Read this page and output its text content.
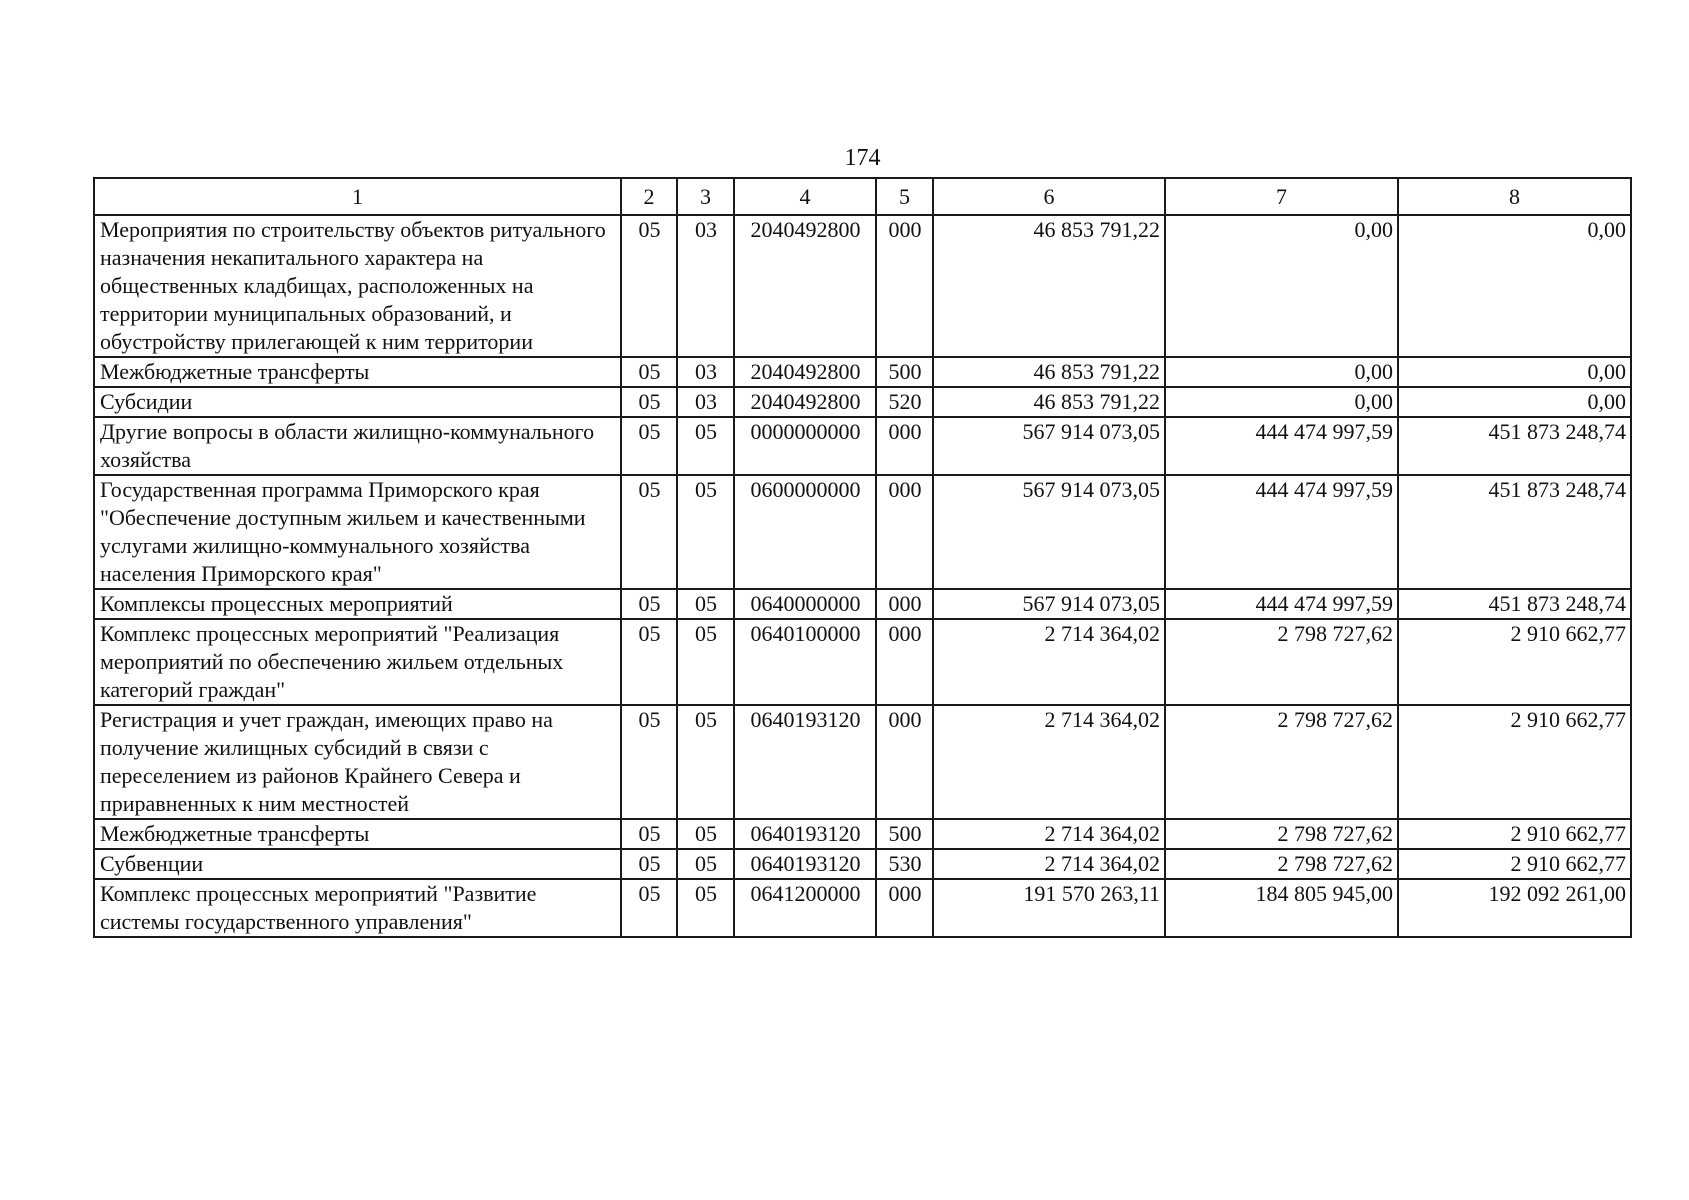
174
1	2	3	4	5	6	7	8
Мероприятия по строительству объектов ритуального назначения некапитального характера на общественных кладбищах, расположенных на территории муниципальных образований, и обустройству прилегающей к ним территории	05	03	2040492800	000	46 853 791,22	0,00	0,00
Межбюджетные трансферты	05	03	2040492800	500	46 853 791,22	0,00	0,00
Субсидии	05	03	2040492800	520	46 853 791,22	0,00	0,00
Другие вопросы в области жилищно-коммунального хозяйства	05	05	0000000000	000	567 914 073,05	444 474 997,59	451 873 248,74
Государственная программа Приморского края "Обеспечение доступным жильем и качественными услугами жилищно-коммунального хозяйства населения Приморского края"	05	05	0600000000	000	567 914 073,05	444 474 997,59	451 873 248,74
Комплексы процессных мероприятий	05	05	0640000000	000	567 914 073,05	444 474 997,59	451 873 248,74
Комплекс процессных мероприятий "Реализация мероприятий по обеспечению жильем отдельных категорий граждан"	05	05	0640100000	000	2 714 364,02	2 798 727,62	2 910 662,77
Регистрация и учет граждан, имеющих право на получение жилищных субсидий в связи с переселением из районов Крайнего Севера и приравненных к ним местностей	05	05	0640193120	000	2 714 364,02	2 798 727,62	2 910 662,77
Межбюджетные трансферты	05	05	0640193120	500	2 714 364,02	2 798 727,62	2 910 662,77
Субвенции	05	05	0640193120	530	2 714 364,02	2 798 727,62	2 910 662,77
Комплекс процессных мероприятий "Развитие системы государственного управления"	05	05	0641200000	000	191 570 263,11	184 805 945,00	192 092 261,00
